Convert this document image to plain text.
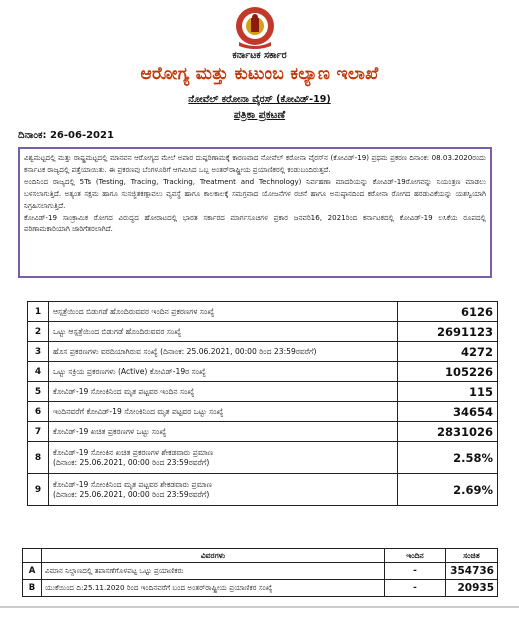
ಕರ್ನಾಟಕ ಸರ್ಕಾರ
ಆರೋಗ್ಯ ಮತ್ತು ಕುಟುಂಬ ಕಲ್ಯಾಣ ಇಲಾಖೆ
ನೋವೆಲ್ ಕರೋನಾ ವೈರಸ್ (ಕೋವಿಡ್-19)
ಪತ್ರಿಕಾ ಪ್ರಕಟಣೆ
ದಿನಾಂಕ: 26-06-2021

ವಿಶ್ವಮಟ್ಟದಲ್ಲಿ ಮತ್ತು ರಾಷ್ಟ್ರಮಟ್ಟದಲ್ಲಿ ಮಾನವನ ಆರೋಗ್ಯದ ಮೇಲೆ ಅಪಾರ ದುಷ್ಪರಿಣಾಮಕ್ಕೆ ಕಾರಣವಾದ ನೋವೆಲ್ ಕರೋನಾ ವೈರಸ್‌ನ (ಕೋವಿಡ್-19) ಪ್ರಥಮ ಪ್ರಕರಣ ದಿನಾಂಕ: 08.03.2020ರಂದು ಕರ್ನಾಟಕ ರಾಜ್ಯದಲ್ಲಿ ಪತ್ತೆಯಾಯಿತು. ಈ ಪ್ರಕರಣವು ಬೆಂಗಳೂರಿಗೆ ಆಗಮಿಸಿದ ಒಬ್ಬ ಅಂತರ್‌ರಾಷ್ಟ್ರೀಯ ಪ್ರಯಾಣಿಕರಲ್ಲಿ ಕಂಡುಬಂದಿರುತ್ತದೆ.

ಅಂದಿನಿಂದ ರಾಜ್ಯದಲ್ಲಿ 5Ts (Testing, Tracing, Tracking, Treatment and Technology) ನಿರ್ವಹಣಾ ಮಾದರಿಯನ್ನು ಕೋವಿಡ್-19ರೋಗವನ್ನು ನಿಯಂತ್ರಣ ಮಾಡಲು ಬಳಸಲಾಗುತ್ತಿದೆ. ಅತ್ಯಂತ ಸಕ್ಷಮ ಹಾಗೂ ಸುಸಜ್ಜಿತಕಣ್ಗಾವಲು ವ್ಯವಸ್ಥೆ ಹಾಗೂ ಕಾಲಕಾಲಕ್ಕೆ ಸಮಗ್ರವಾದ ಯೋಜನೆಗಳ ರಚನೆ ಹಾಗೂ ಅನುಷ್ಠಾನದಿಂದ ಕರೋನಾ ರೋಗದ ಹರಡುವಿಕೆಯನ್ನು ಯಶಸ್ವಿಯಾಗಿ ನಿಗ್ರಹಿಸಲಾಗುತ್ತಿದೆ.

ಕೋವಿಡ್-19 ಸಾಂಕ್ರಾಮಿಕ ರೋಗದ ವಿರುದ್ಧದ ಹೋರಾಟದಲ್ಲಿ ಭಾರತ ಸರ್ಕಾರದ ಮಾರ್ಗಸೂಚಿಗಳ ಪ್ರಕಾರ ಜನವರಿ16, 2021ರಿಂದ ಕರ್ನಾಟಕದಲ್ಲಿ ಕೋವಿಡ್-19 ಲಸಿಕೆಯ ರೂಪದಲ್ಲಿ ಪರಿಣಾಮಕಾರಿಯಾಗಿ ಜಾರಿಗೆತರಲಾಗಿದೆ.

1	ಆಸ್ಪತ್ರೆಯಿಂದ ಬಿಡುಗಡೆ ಹೊಂದಿರುವವರ ಇಂದಿನ ಪ್ರಕರಣಗಳ ಸಂಖ್ಯೆ	6126
2	ಒಟ್ಟು ಆಸ್ಪತ್ರೆಯಿಂದ ಬಿಡುಗಡೆ ಹೊಂದಿರುವವರ ಸಂಖ್ಯೆ	2691123
3	ಹೊಸ ಪ್ರಕರಣಗಳು ವರದಿಯಾಗಿರುವ ಸಂಖ್ಯೆ (ದಿನಾಂಕ: 25.06.2021, 00:00 ರಿಂದ 23:59ರವರೆಗೆ)	4272
4	ಒಟ್ಟು ಸಕ್ರಿಯ ಪ್ರಕರಣಗಳು (Active) ಕೋವಿಡ್-19ರ ಸಂಖ್ಯೆ	105226
5	ಕೋವಿಡ್-19 ಸೋಂಕಿನಿಂದ ಮೃತ ಪಟ್ಟವರ ಇಂದಿನ ಸಂಖ್ಯೆ	115
6	ಇಂದಿನವರೆಗೆ ಕೋವಿಡ್-19 ಸೋಂಕಿನಿಂದ ಮೃತ ಪಟ್ಟವರ ಒಟ್ಟು ಸಂಖ್ಯೆ	34654
7	ಕೋವಿಡ್-19 ಖಚಿತ ಪ್ರಕರಣಗಳ ಒಟ್ಟು ಸಂಖ್ಯೆ	2831026
8	ಕೋವಿಡ್-19 ಸೋಂಕಿನ ಖಚಿತ ಪ್ರಕರಣಗಳ ಶೇಕಡವಾರು ಪ್ರಮಾಣ
(ದಿನಾಂಕ: 25.06.2021, 00:00 ರಿಂದ 23:59ರವರೆಗೆ)	2.58%
9	ಕೋವಿಡ್-19 ಸೋಂಕಿನಿಂದ ಮೃತ ಪಟ್ಟವರ ಶೇಕಡವಾರು ಪ್ರಮಾಣ
(ದಿನಾಂಕ: 25.06.2021, 00:00 ರಿಂದ 23:59ರವರೆಗೆ)	2.69%
	ವಿವರಗಳು	ಇಂದಿನ	ಸಂಚಿತ
A	ವಿಮಾನ ನಿಲ್ದಾಣದಲ್ಲಿ ತಪಾಸಣೆಗೊಳಪಟ್ಟ ಒಟ್ಟು ಪ್ರಯಾಣಿಕರು	-	354736
B	ಯುಕೆಯಿಂದ ದಿ:25.11.2020 ರಿಂದ ಇಂದಿನವರೆಗೆ ಬಂದ ಅಂತರ್‌ರಾಷ್ಟ್ರೀಯ ಪ್ರಯಾಣಿಕರ ಸಂಖ್ಯೆ	-	20935
